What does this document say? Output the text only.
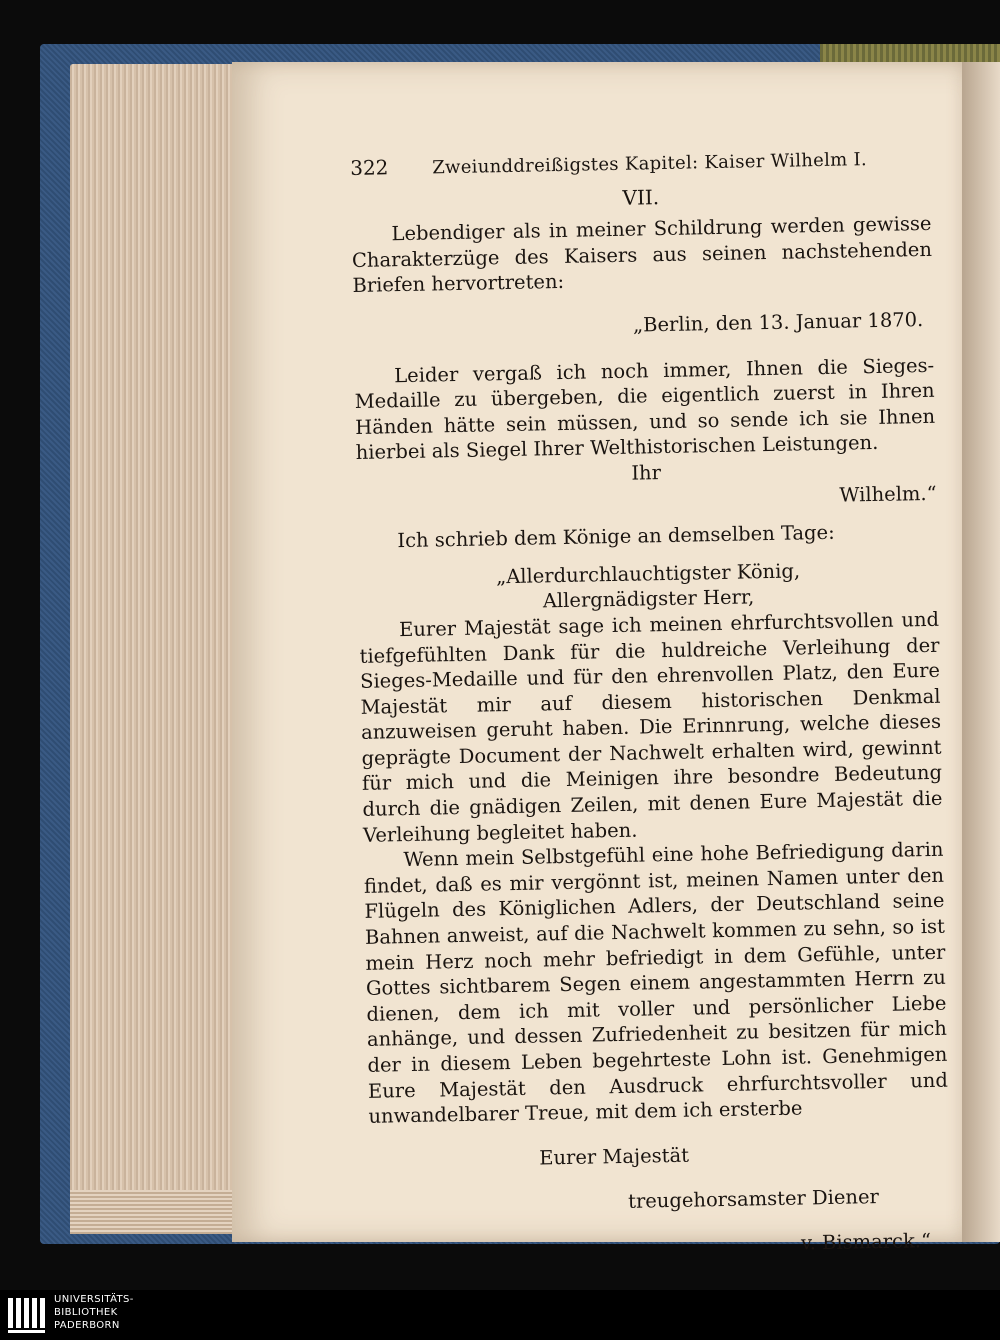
322	Zweiunddreißigstes Kapitel: Kaiser Wilhelm I.
VII.

Lebendiger als in meiner Schildrung werden gewisse Charakterzüge des Kaisers aus seinen nachstehenden Briefen hervortreten:

„Berlin, den 13. Januar 1870.

Leider vergaß ich noch immer, Ihnen die Sieges-Medaille zu übergeben, die eigentlich zuerst in Ihren Händen hätte sein müssen, und so sende ich sie Ihnen hierbei als Siegel Ihrer Welthistorischen Leistungen.

Ihr

Wilhelm.“

Ich schrieb dem Könige an demselben Tage:

„Allerdurchlauchtigster König,

Allergnädigster Herr,

Eurer Majestät sage ich meinen ehrfurchtsvollen und tiefgefühlten Dank für die huldreiche Verleihung der Sieges-Medaille und für den ehrenvollen Platz, den Eure Majestät mir auf diesem historischen Denkmal anzuweisen geruht haben. Die Erinnrung, welche dieses geprägte Document der Nachwelt erhalten wird, gewinnt für mich und die Meinigen ihre besondre Bedeutung durch die gnädigen Zeilen, mit denen Eure Majestät die Verleihung begleitet haben.

Wenn mein Selbstgefühl eine hohe Befriedigung darin findet, daß es mir vergönnt ist, meinen Namen unter den Flügeln des Königlichen Adlers, der Deutschland seine Bahnen anweist, auf die Nachwelt kommen zu sehn, so ist mein Herz noch mehr befriedigt in dem Gefühle, unter Gottes sichtbarem Segen einem angestammten Herrn zu dienen, dem ich mit voller und persönlicher Liebe anhänge, und dessen Zufriedenheit zu besitzen für mich der in diesem Leben begehrteste Lohn ist. Genehmigen Eure Majestät den Ausdruck ehrfurchtsvoller und unwandelbarer Treue, mit dem ich ersterbe

Eurer Majestät

treugehorsamster Diener

v. Bismarck.“

UNIVERSITÄTS-
BIBLIOTHEK
PADERBORN
